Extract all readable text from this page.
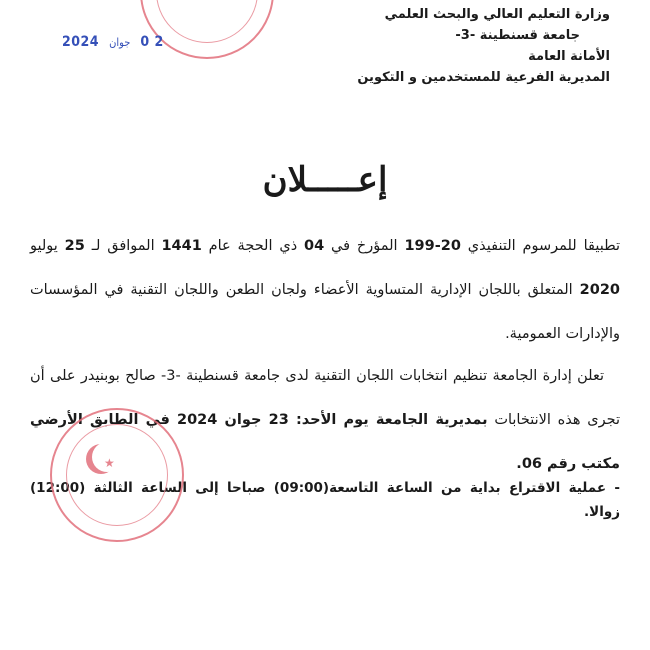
2024 جوان 0 2
وزارة التعليم العالي والبحث العلمي
جامعة قسنطينة -3-
الأمانة العامة
المديرية الفرعية للمستخدمين و التكوين
إعـــــلان
تطبيقا للمرسوم التنفيذي 20-199 المؤرخ في 04 ذي الحجة عام 1441 الموافق لـ 25 يوليو 2020 المتعلق باللجان الإدارية المتساوية الأعضاء ولجان الطعن واللجان التقنية في المؤسسات والإدارات العمومية.
تعلن إدارة الجامعة تنظيم انتخابات اللجان التقنية لدى جامعة قسنطينة -3- صالح بوبنيدر على أن تجرى هذه الانتخابات بمديرية الجامعة يوم الأحد: 23 جوان 2024 في الطابق الأرضي مكتب رقم 06.
- عملية الاقتراع بداية من الساعة التاسعة(09:00) صباحا إلى الساعة الثالثة (12:00) زوالا.
★
